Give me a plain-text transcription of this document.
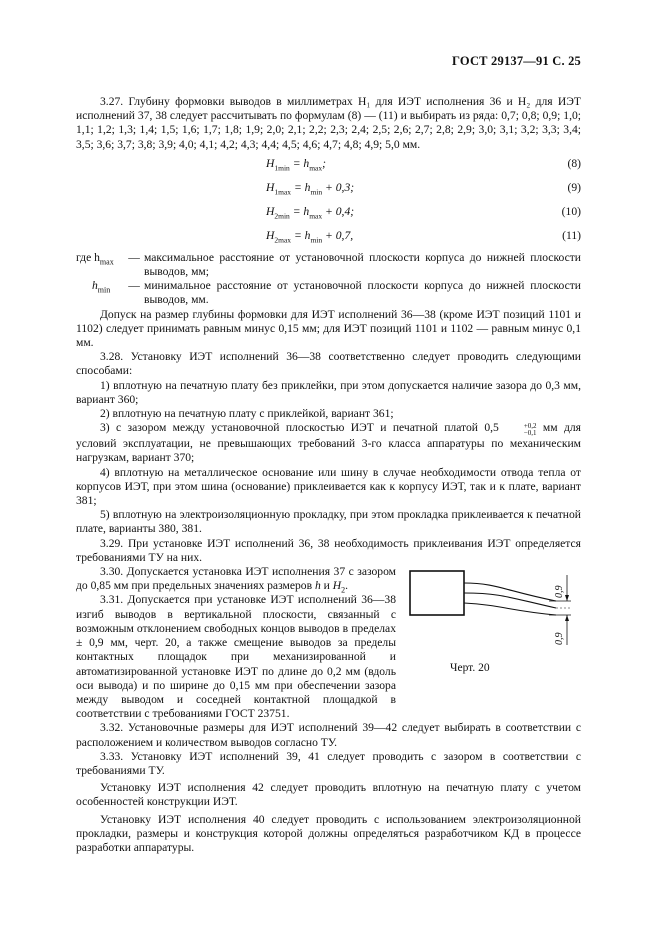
ГОСТ 29137—91 С. 25

3.27. Глубину формовки выводов в миллиметрах H₁ для ИЭТ исполнения 36 и H₂ для ИЭТ исполнений 37, 38 следует рассчитывать по формулам (8) — (11) и выбирать из ряда: 0,7; 0,8; 0,9; 1,0; 1,1; 1,2; 1,3; 1,4; 1,5; 1,6; 1,7; 1,8; 1,9; 2,0; 2,1; 2,2; 2,3; 2,4; 2,5; 2,6; 2,7; 2,8; 2,9; 3,0; 3,1; 3,2; 3,3; 3,4; 3,5; 3,6; 3,7; 3,8; 3,9; 4,0; 4,1; 4,2; 4,3; 4,4; 4,5; 4,6; 4,7; 4,8; 4,9; 5,0 мм.

$H_{1min} = h_{max}$;	(8)
$H_{1max} = h_{min} + 0,3$;	(9)
$H_{2min} = h_{max} + 0,4$;	(10)
$H_{2max} = h_{min} + 0,7$,	(11)
где $h_{max}$	— максимальное расстояние от установочной плоскости корпуса до нижней плоскости выводов, мм;
$h_{min}$	— минимальное расстояние от установочной плоскости корпуса до нижней плоскости выводов, мм.

Допуск на размер глубины формовки для ИЭТ исполнений 36—38 (кроме ИЭТ позиций 1101 и 1102) следует принимать равным минус 0,15 мм; для ИЭТ позиций 1101 и 1102 — равным минус 0,1 мм.

3.28. Установку ИЭТ исполнений 36—38 соответственно следует проводить следующими способами:

1) вплотную на печатную плату без приклейки, при этом допускается наличие зазора до 0,3 мм, вариант 360;

2) вплотную на печатную плату с приклейкой, вариант 361;

3) с зазором между установочной плоскостью ИЭТ и печатной платой 0,5	+0,2
−0,1 мм для условий эксплуатации, не превышающих требований 3-го класса аппаратуры по механическим нагрузкам, вариант 370;

4) вплотную на металлическое основание или шину в случае необходимости отвода тепла от корпусов ИЭТ, при этом шина (основание) приклеивается как к корпусу ИЭТ, так и к плате, вариант 381;

5) вплотную на электроизоляционную прокладку, при этом прокладка приклеивается к печатной плате, варианты 380, 381.

3.29. При установке ИЭТ исполнений 36, 38 необходимость приклеивания ИЭТ определяется требованиями ТУ на них.

3.30. Допускается установка ИЭТ исполнения 37 с зазором до 0,85 мм при предельных значениях размеров h и $H_2$.

3.31. Допускается при установке ИЭТ исполнений 36—38 изгиб выводов в вертикальной плоскости, связанный с возможным отклонением свободных концов выводов в пределах ± 0,9 мм, черт. 20, а также смещение выводов за пределы контактных площадок при механизированной и автоматизированной установке ИЭТ по длине до 0,2 мм (вдоль оси вывода) и по ширине до 0,15 мм при обеспечении зазора между выводом и соседней контактной площадкой в соответствии с требованиями ГОСТ 23751.

0,9
0,9
Черт. 20

3.32. Установочные размеры для ИЭТ исполнений 39—42 следует выбирать в соответствии с расположением и количеством выводов согласно ТУ.

3.33. Установку ИЭТ исполнений 39, 41 следует проводить с зазором в соответствии с требованиями ТУ.

Установку ИЭТ исполнения 42 следует проводить вплотную на печатную плату с учетом особенностей конструкции ИЭТ.

Установку ИЭТ исполнения 40 следует проводить с использованием электроизоляционной прокладки, размеры и конструкция которой должны определяться разработчиком КД в процессе разработки аппаратуры.
